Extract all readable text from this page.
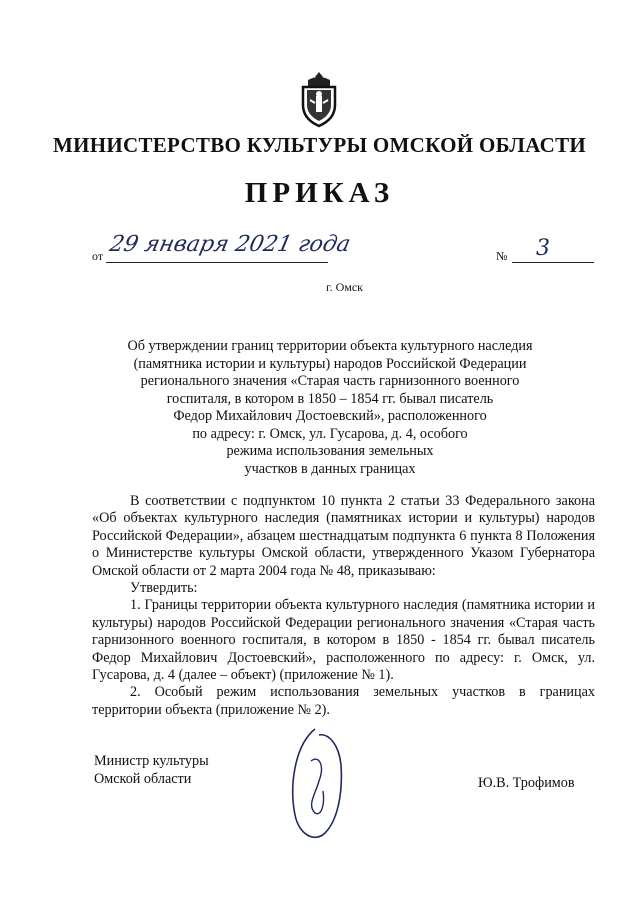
МИНИСТЕРСТВО КУЛЬТУРЫ ОМСКОЙ ОБЛАСТИ
ПРИКАЗ
от 29 января 2021 года	№ 3
г. Омск
Об утверждении границ территории объекта культурного наследия
(памятника истории и культуры) народов Российской Федерации
регионального значения «Старая часть гарнизонного военного
госпиталя, в котором в 1850 – 1854 гг. бывал писатель
Федор Михайлович Достоевский», расположенного
по адресу: г. Омск, ул. Гусарова, д. 4, особого
режима использования земельных
участков в данных границах

В соответствии с подпунктом 10 пункта 2 статьи 33 Федерального закона «Об объектах культурного наследия (памятниках истории и культуры) народов Российской Федерации», абзацем шестнадцатым подпункта 6 пункта 8 Положения о Министерстве культуры Омской области, утвержденного Указом Губернатора Омской области от 2 марта 2004 года № 48, приказываю:

Утвердить:

1. Границы территории объекта культурного наследия (памятника истории и культуры) народов Российской Федерации регионального значения «Старая часть гарнизонного военного госпиталя, в котором в 1850 - 1854 гг. бывал писатель Федор Михайлович Достоевский», расположенного по адресу: г. Омск, ул. Гусарова, д. 4 (далее – объект) (приложение № 1).

2. Особый режим использования земельных участков в границах территории объекта (приложение № 2).

Министр культуры
Омской области	Ю.В. Трофимов
